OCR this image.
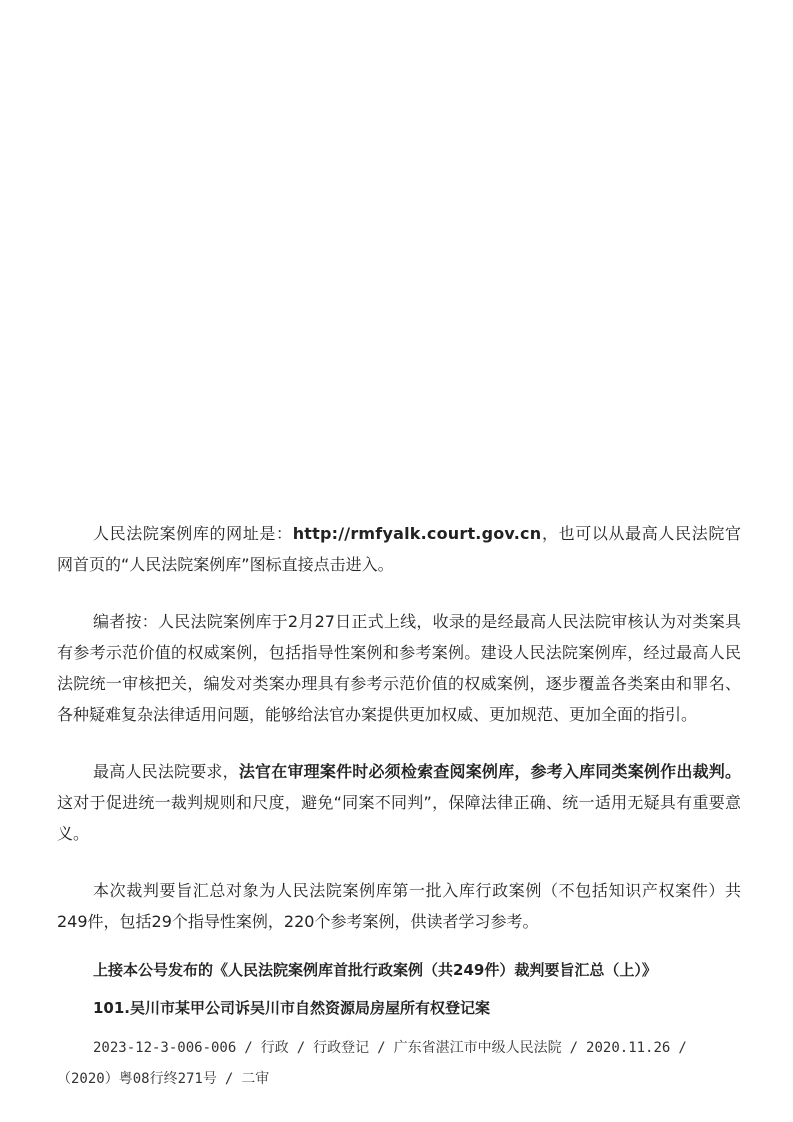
人民法院案例库的网址是：http://rmfyalk.court.gov.cn，也可以从最高人民法院官网首页的“人民法院案例库”图标直接点击进入。

编者按：人民法院案例库于2月27日正式上线，收录的是经最高人民法院审核认为对类案具有参考示范价值的权威案例，包括指导性案例和参考案例。建设人民法院案例库，经过最高人民法院统一审核把关，编发对类案办理具有参考示范价值的权威案例，逐步覆盖各类案由和罪名、各种疑难复杂法律适用问题，能够给法官办案提供更加权威、更加规范、更加全面的指引。

最高人民法院要求，法官在审理案件时必须检索查阅案例库，参考入库同类案例作出裁判。这对于促进统一裁判规则和尺度，避免“同案不同判”，保障法律正确、统一适用无疑具有重要意义。

本次裁判要旨汇总对象为人民法院案例库第一批入库行政案例（不包括知识产权案件）共249件，包括29个指导性案例，220个参考案例，供读者学习参考。

上接本公号发布的《人民法院案例库首批行政案例（共249件）裁判要旨汇总（上）》

101.吴川市某甲公司诉吴川市自然资源局房屋所有权登记案

2023-12-3-006-006 / 行政 / 行政登记 / 广东省湛江市中级人民法院 / 2020.11.26 /（2020）粤08行终271号 / 二审
